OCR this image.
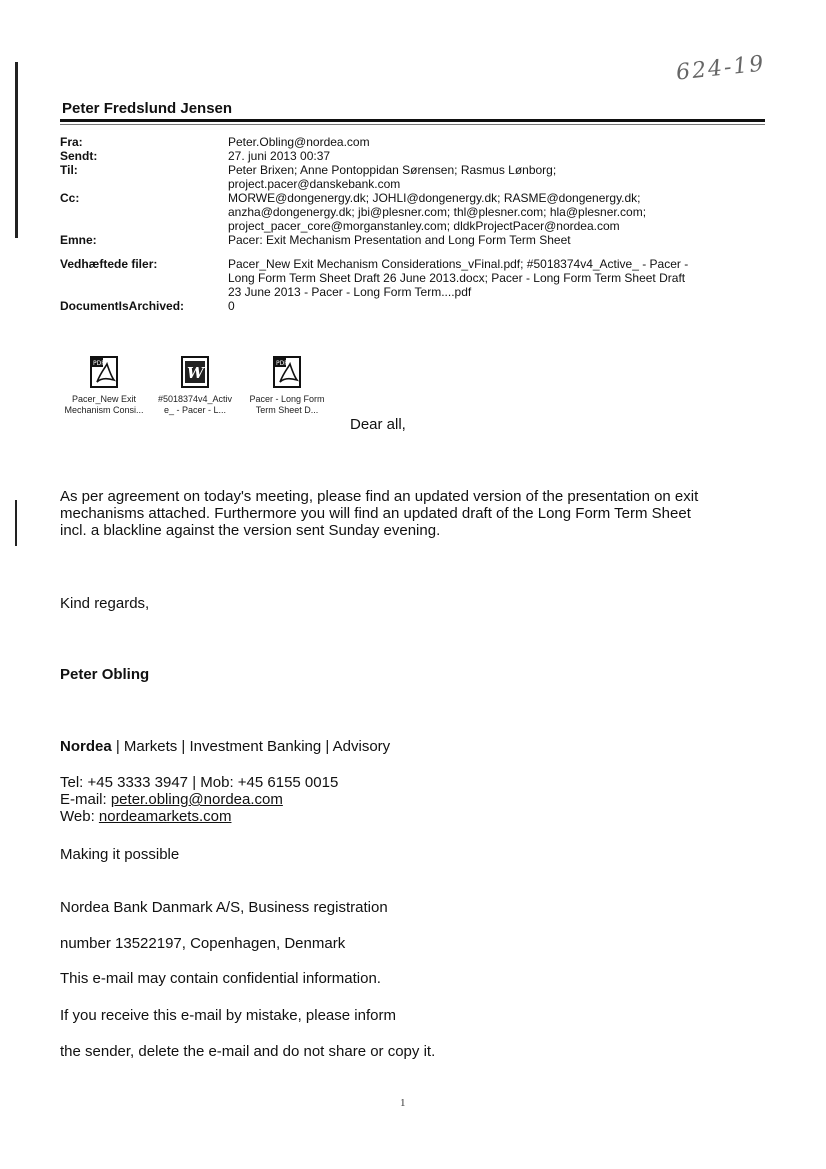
624-19
Peter Fredslund Jensen
Fra:	Peter.Obling@nordea.com
Sendt:	27. juni 2013 00:37
Til:	Peter Brixen; Anne Pontoppidan Sørensen; Rasmus Lønborg;
project.pacer@danskebank.com
Cc:	MORWE@dongenergy.dk; JOHLI@dongenergy.dk; RASME@dongenergy.dk;
anzha@dongenergy.dk; jbi@plesner.com; thl@plesner.com; hla@plesner.com;
project_pacer_core@morganstanley.com; dldkProjectPacer@nordea.com
Emne:	Pacer: Exit Mechanism Presentation and Long Form Term Sheet
Vedhæftede filer:	Pacer_New Exit Mechanism Considerations_vFinal.pdf; #5018374v4_Active_ - Pacer -
Long Form Term Sheet Draft 26 June 2013.docx; Pacer - Long Form Term Sheet Draft
23 June 2013 - Pacer - Long Form Term....pdf
DocumentIsArchived:	0
PDF
Pacer_New Exit
Mechanism Consi...
W
#5018374v4_Activ
e_ - Pacer - L...
PDF
Pacer - Long Form
Term Sheet D...
Dear all,
As per agreement on today's meeting, please find an updated version of the presentation on exit
mechanisms attached. Furthermore you will find an updated draft of the Long Form Term Sheet
incl. a blackline against the version sent Sunday evening.
Kind regards,
Peter Obling
Nordea | Markets | Investment Banking | Advisory
Tel: +45 3333 3947 | Mob: +45 6155 0015
E-mail: peter.obling@nordea.com
Web: nordeamarkets.com
Making it possible
Nordea Bank Danmark A/S, Business registration
number 13522197, Copenhagen, Denmark
This e-mail may contain confidential information.
If you receive this e-mail by mistake, please inform
the sender, delete the e-mail and do not share or copy it.
1
